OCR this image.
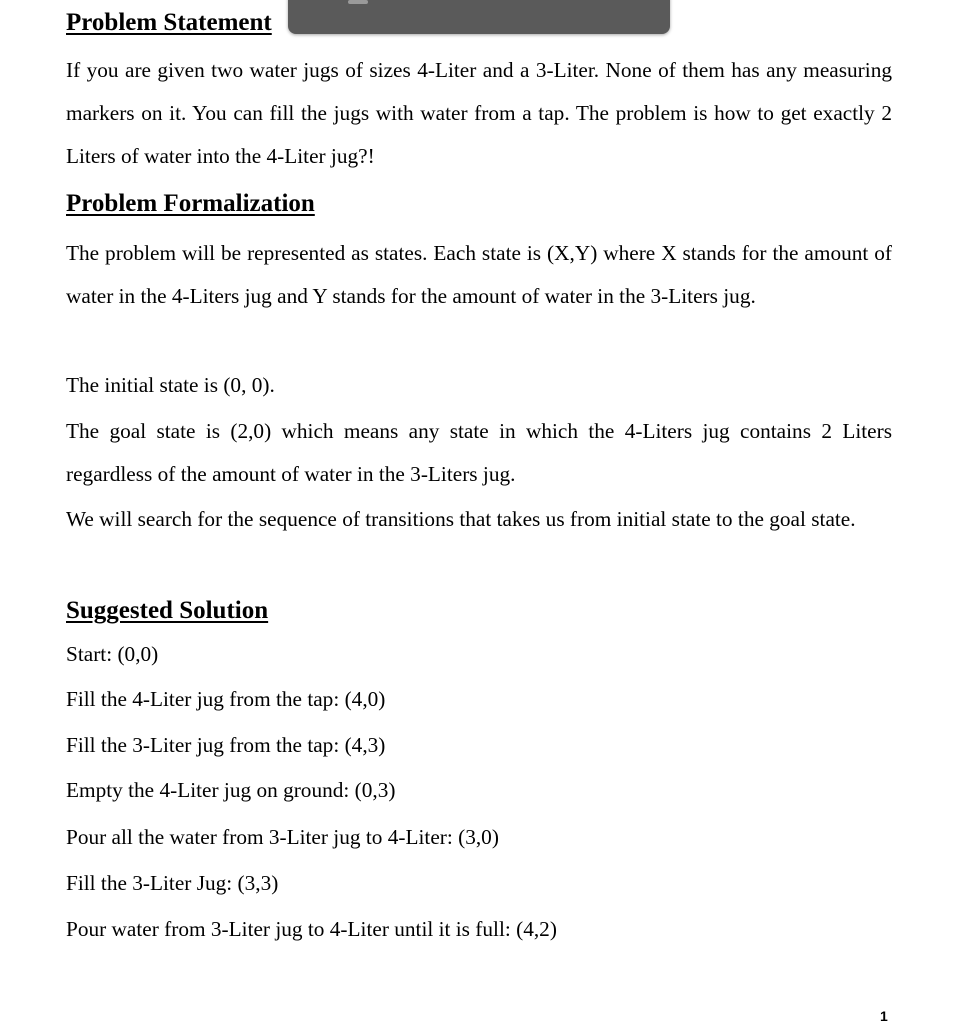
Problem Statement

If you are given two water jugs of sizes 4-Liter and a 3-Liter. None of them has any measuring markers on it. You can fill the jugs with water from a tap. The problem is how to get exactly 2 Liters of water into the 4-Liter jug?!

Problem Formalization

The problem will be represented as states. Each state is (X,Y) where X stands for the amount of water in the 4-Liters jug and Y stands for the amount of water in the 3-Liters jug.

The initial state is (0, 0).

The goal state is (2,0) which means any state in which the 4-Liters jug contains 2 Liters regardless of the amount of water in the 3-Liters jug.

We will search for the sequence of transitions that takes us from initial state to the goal state.

Suggested Solution
Start: (0,0)
Fill the 4-Liter jug from the tap: (4,0)
Fill the 3-Liter jug from the tap: (4,3)
Empty the 4-Liter jug on ground: (0,3)
Pour all the water from 3-Liter jug to 4-Liter: (3,0)
Fill the 3-Liter Jug: (3,3)
Pour water from 3-Liter jug to 4-Liter until it is full: (4,2)
1
